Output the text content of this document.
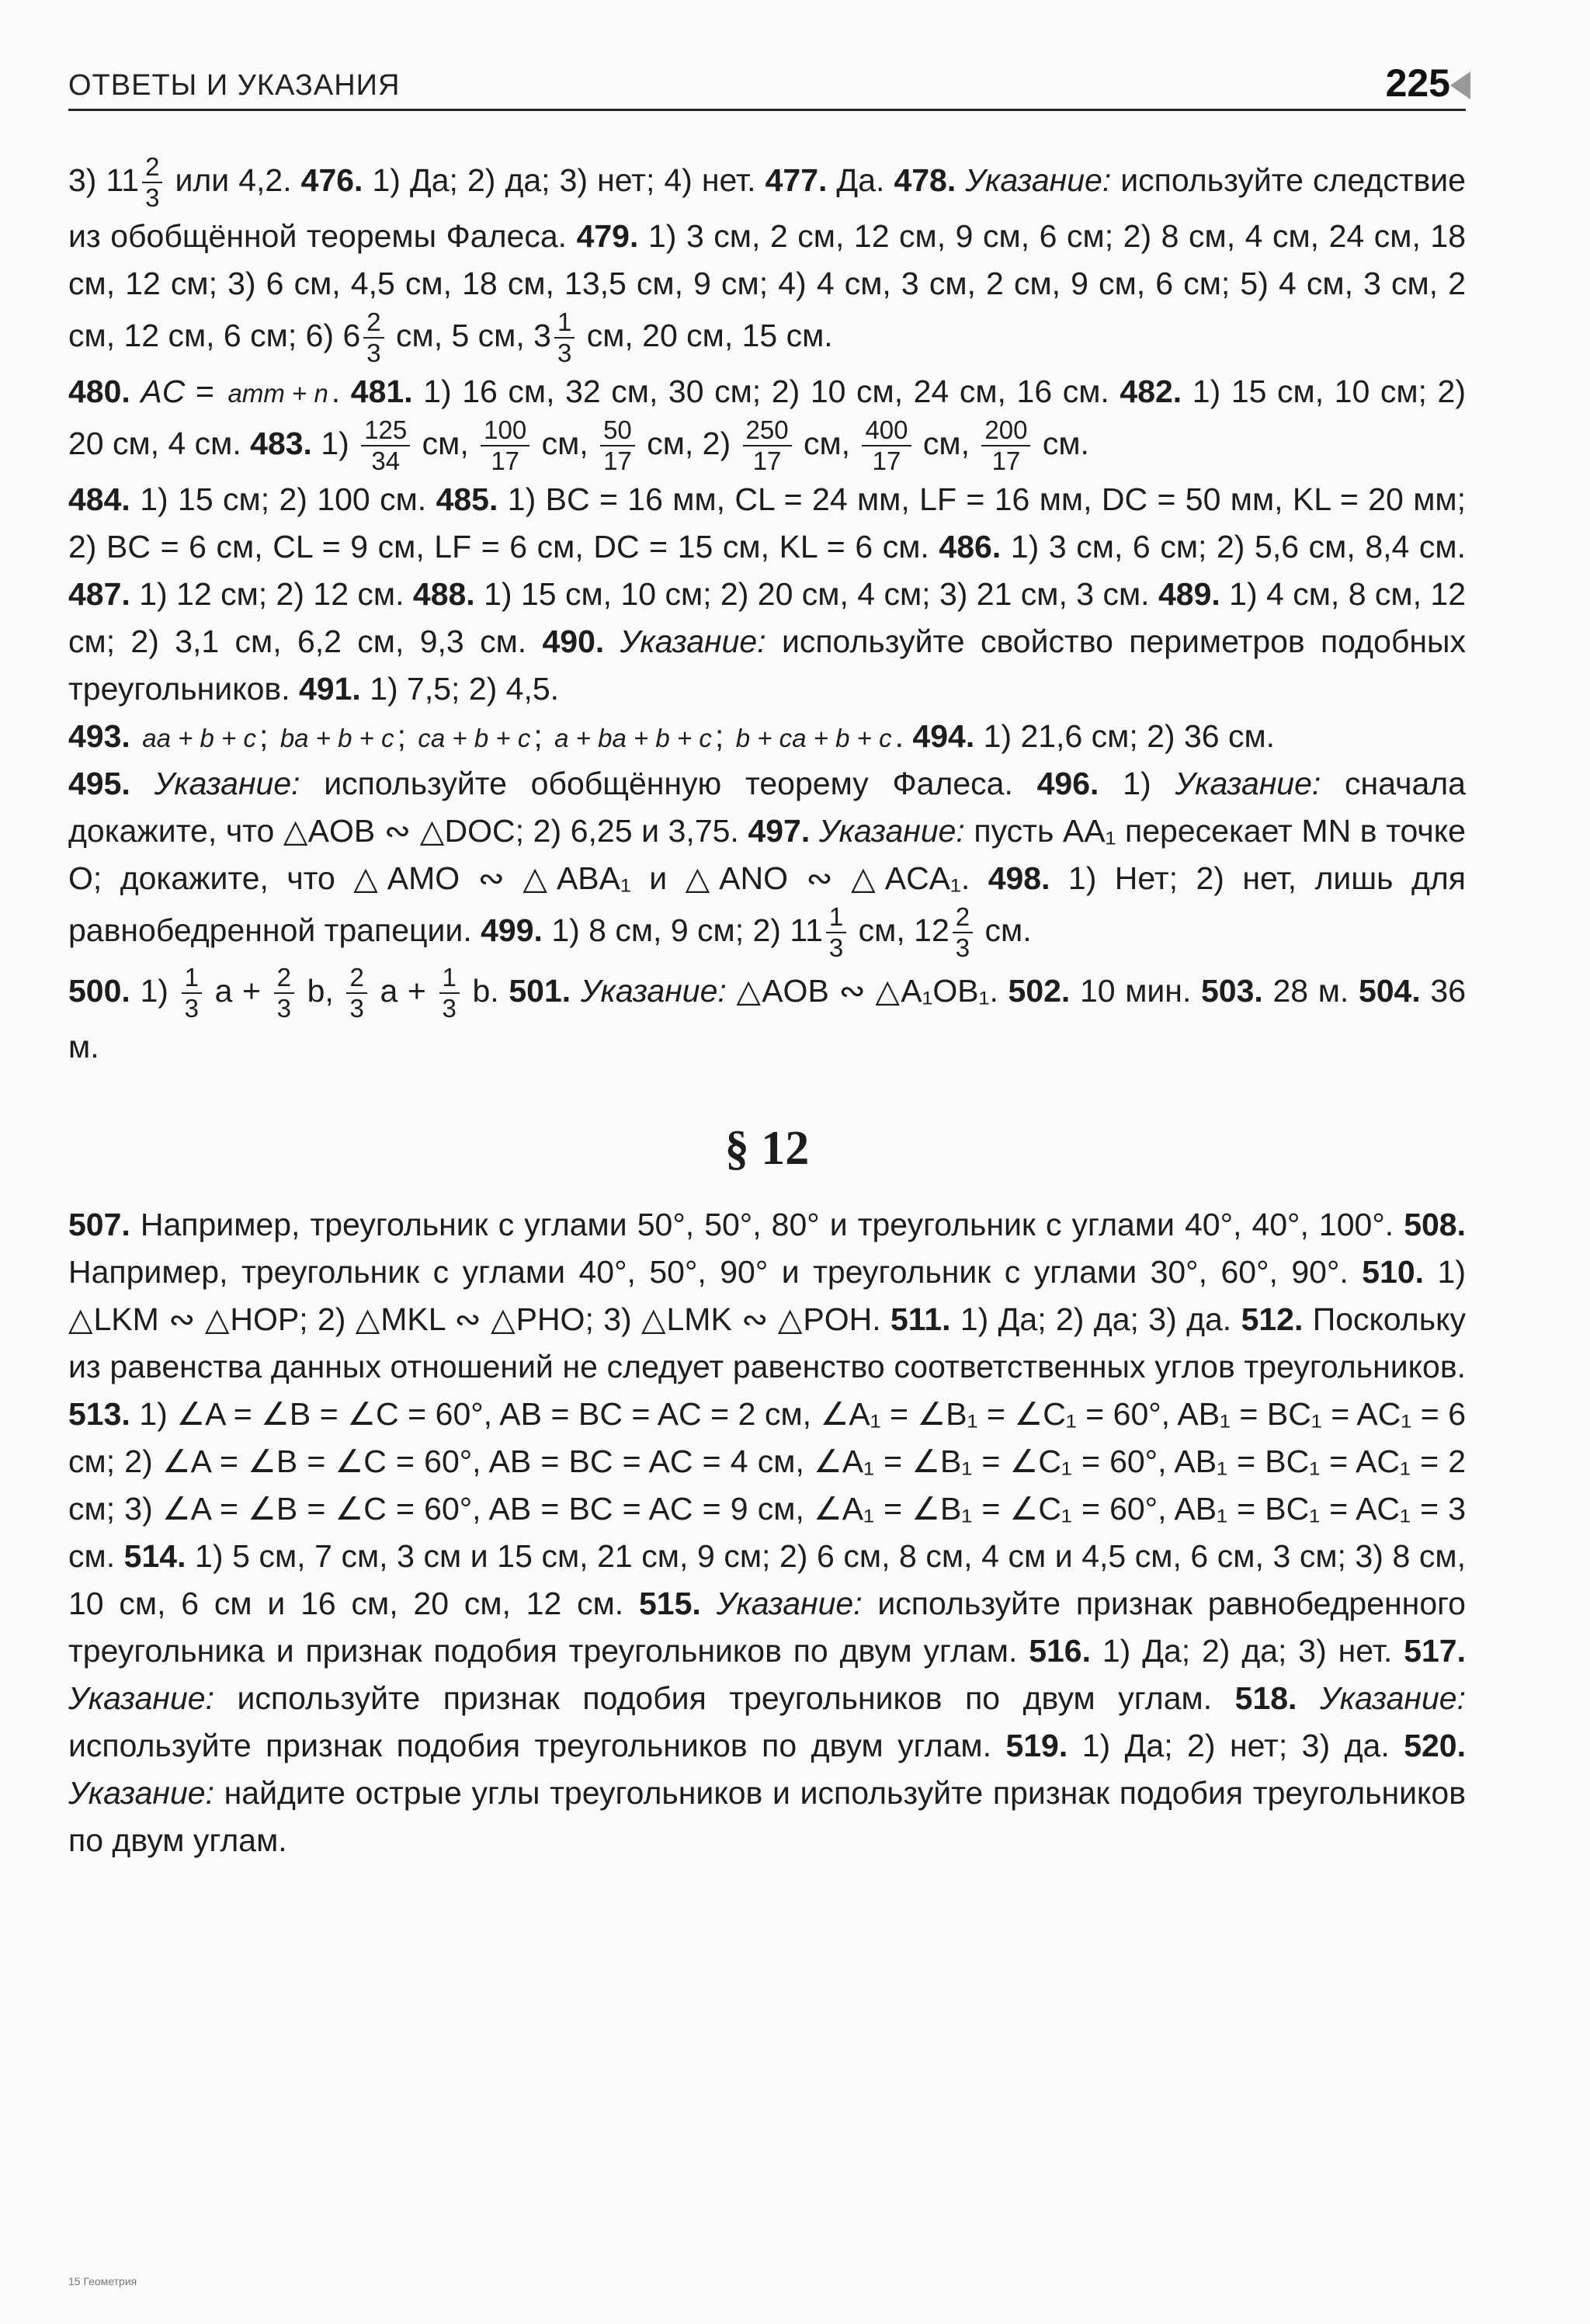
ОТВЕТЫ И УКАЗАНИЯ	225

3) $11 \frac{2}{3}$ или 4,2. 476. 1) Да; 2) да; 3) нет; 4) нет. 477. Да. 478. Указание: используйте следствие из обобщённой теоремы Фалеса. 479. 1) 3 см, 2 см, 12 см, 9 см, 6 см; 2) 8 см, 4 см, 24 см, 18 см, 12 см; 3) 6 см, 4,5 см, 18 см, 13,5 см, 9 см; 4) 4 см, 3 см, 2 см, 9 см, 6 см; 5) 4 см, 3 см, 2 см, 12 см, 6 см; 6) $6 \frac{2}{3}$ см, 5 см, $3 \frac{1}{3}$ см, 20 см, 15 см.

480. AC = amm + n. 481. 1) 16 см, 32 см, 30 см; 2) 10 см, 24 см, 16 см. 482. 1) 15 см, 10 см; 2) 20 см, 4 см. 483. $1) \frac{125}{34}$ см, $\frac{100}{17}$ см, $\frac{50}{17}$ см, $2) \frac{250}{17}$ см, $\frac{400}{17}$ см, $\frac{200}{17}$ см.

484. 1) 15 см; 2) 100 см. 485. 1) BC = 16 мм, CL = 24 мм, LF = 16 мм, DC = 50 мм, KL = 20 мм; 2) BC = 6 см, CL = 9 см, LF = 6 см, DC = 15 см, KL = 6 см. 486. 1) 3 см, 6 см; 2) 5,6 см, 8,4 см. 487. 1) 12 см; 2) 12 см. 488. 1) 15 см, 10 см; 2) 20 см, 4 см; 3) 21 см, 3 см. 489. 1) 4 см, 8 см, 12 см; 2) 3,1 см, 6,2 см, 9,3 см. 490. Указание: используйте свойство периметров подобных треугольников. 491. 1) 7,5; 2) 4,5.

493. aa + b + c; ba + b + c; ca + b + c; a + ba + b + c; b + ca + b + c. 494. 1) 21,6 см; 2) 36 см.

495. Указание: используйте обобщённую теорему Фалеса. 496. 1) Указание: сначала докажите, что △AOB ∾ △DOC; 2) 6,25 и 3,75. 497. Указание: пусть AA₁ пересекает MN в точке O; докажите, что △AMO ∾ △ABA₁ и △ANO ∾ △ACA₁. 498. 1) Нет; 2) нет, лишь для равнобедренной трапеции. 499. 1) 8 см, 9 см; 2) $11 \frac{1}{3}$ см, $12 \frac{2}{3}$ см.

500. $1) \frac{1}{3}$ $a + \frac{2}{3} b$, $\frac{2}{3}$ $a + \frac{1}{3} b$. 501. Указание: △AOB ∾ △A₁OB₁. 502. 10 мин. 503. 28 м. 504. 36 м.

§ 12

507. Например, треугольник с углами 50°, 50°, 80° и треугольник с углами 40°, 40°, 100°. 508. Например, треугольник с углами 40°, 50°, 90° и треугольник с углами 30°, 60°, 90°. 510. 1) △LKM ∾ △HOP; 2) △MKL ∾ △PHO; 3) △LMK ∾ △POH. 511. 1) Да; 2) да; 3) да. 512. Поскольку из равенства данных отношений не следует равенство соответственных углов треугольников. 513. 1) ∠A = ∠B = ∠C = 60°, AB = BC = AC = 2 см, ∠A₁ = ∠B₁ = ∠C₁ = 60°, AB₁ = BC₁ = AC₁ = 6 см; 2) ∠A = ∠B = ∠C = 60°, AB = BC = AC = 4 см, ∠A₁ = ∠B₁ = ∠C₁ = 60°, AB₁ = BC₁ = AC₁ = 2 см; 3) ∠A = ∠B = ∠C = 60°, AB = BC = AC = 9 см, ∠A₁ = ∠B₁ = ∠C₁ = 60°, AB₁ = BC₁ = AC₁ = 3 см. 514. 1) 5 см, 7 см, 3 см и 15 см, 21 см, 9 см; 2) 6 см, 8 см, 4 см и 4,5 см, 6 см, 3 см; 3) 8 см, 10 см, 6 см и 16 см, 20 см, 12 см. 515. Указание: используйте признак равнобедренного треугольника и признак подобия треугольников по двум углам. 516. 1) Да; 2) да; 3) нет. 517. Указание: используйте признак подобия треугольников по двум углам. 518. Указание: используйте признак подобия треугольников по двум углам. 519. 1) Да; 2) нет; 3) да. 520. Указание: найдите острые углы треугольников и используйте признак подобия треугольников по двум углам.

15 Геометрия
